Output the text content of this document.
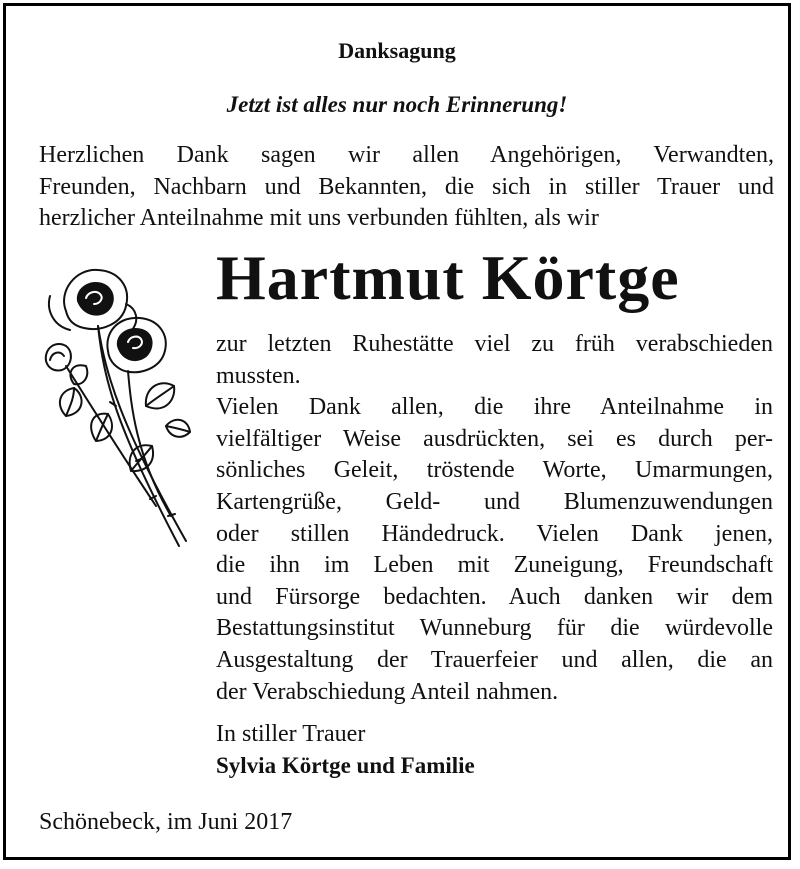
Danksagung
Jetzt ist alles nur noch Erinnerung!
Herzlichen Dank sagen wir allen Angehörigen, Verwandten,
Freunden, Nachbarn und Bekannten, die sich in stiller Trauer und
herzlicher Anteilnahme mit uns verbunden fühlten, als wir
Hartmut Körtge
zur letzten Ruhestätte viel zu früh verabschieden
mussten.
Vielen Dank allen, die ihre Anteilnahme in
vielfältiger Weise ausdrückten, sei es durch per-
sönliches Geleit, tröstende Worte, Umarmungen,
Kartengrüße, Geld- und Blumenzuwendungen
oder stillen Händedruck. Vielen Dank jenen,
die ihn im Leben mit Zuneigung, Freundschaft
und Fürsorge bedachten. Auch danken wir dem
Bestattungsinstitut Wunneburg für die würdevolle
Ausgestaltung der Trauerfeier und allen, die an
der Verabschiedung Anteil nahmen.
In stiller Trauer
Sylvia Körtge und Familie
Schönebeck, im Juni 2017
